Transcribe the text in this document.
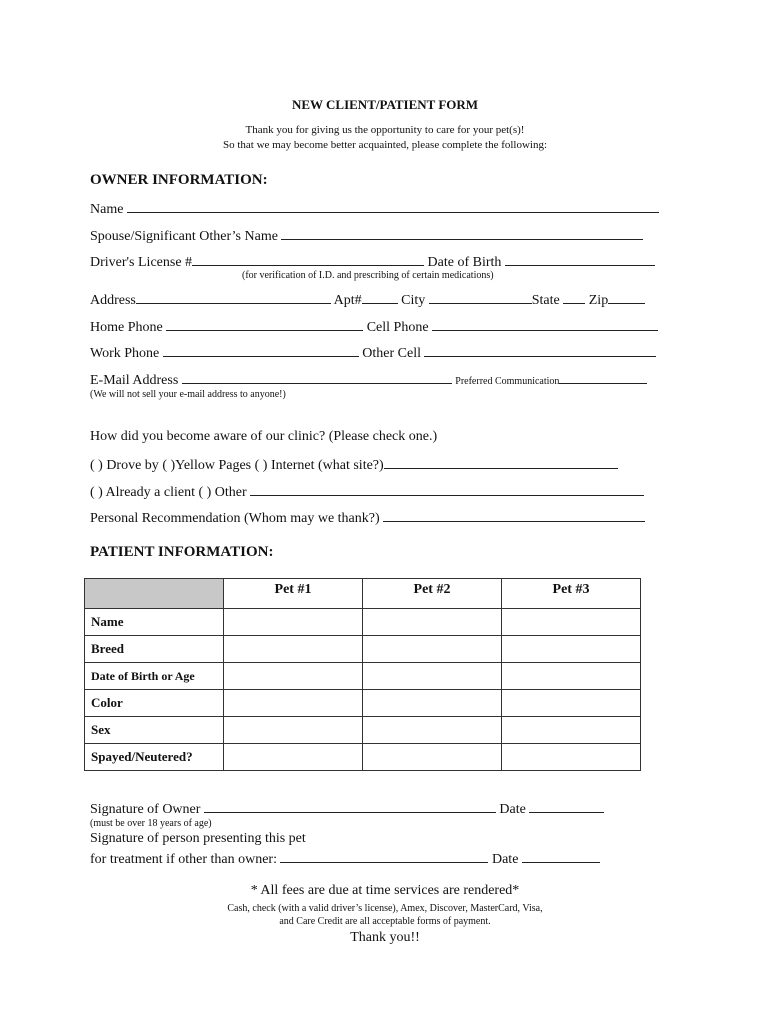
NEW CLIENT/PATIENT FORM
Thank you for giving us the opportunity to care for your pet(s)!
So that we may become better acquainted, please complete the following:
OWNER INFORMATION:
Name
Spouse/Significant Other’s Name
Driver's License #	Date of Birth
(for verification of I.D. and prescribing of certain medications)
Address	Apt#	City	State Zip
Home Phone	Cell Phone
Work Phone	Other Cell
E-Mail Address	Preferred Communication
(We will not sell your e-mail address to anyone!)
How did you become aware of our clinic? (Please check one.)
( ) Drove by ( )Yellow Pages ( ) Internet (what site?)
( ) Already a client ( ) Other
Personal Recommendation (Whom may we thank?)
PATIENT INFORMATION:
	Pet #1	Pet #2	Pet #3
Name			
Breed			
Date of Birth or Age			
Color			
Sex			
Spayed/Neutered?			
Signature of Owner	Date
(must be over 18 years of age)
Signature of person presenting this pet
for treatment if other than owner:	Date
* All fees are due at time services are rendered*
Cash, check (with a valid driver’s license), Amex, Discover, MasterCard, Visa,
and Care Credit are all acceptable forms of payment.
Thank you!!
